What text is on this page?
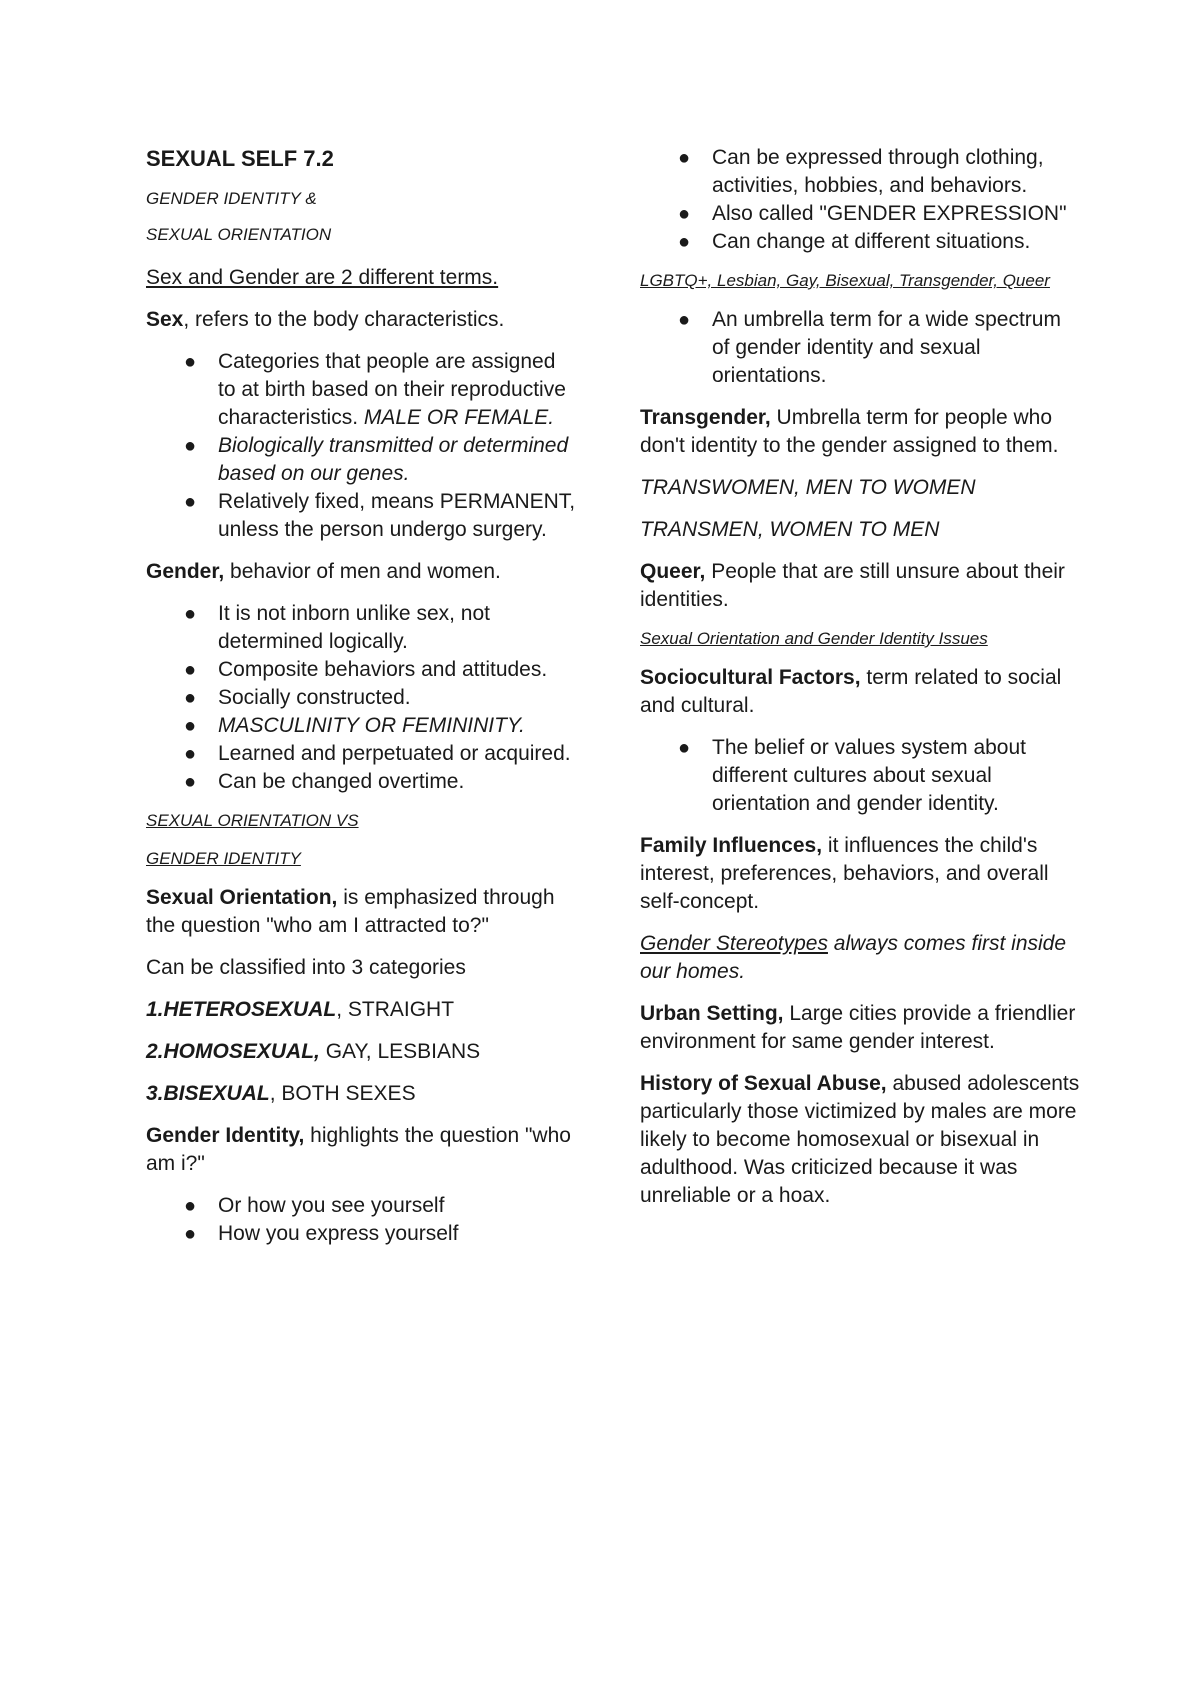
SEXUAL SELF 7.2

GENDER IDENTITY &

SEXUAL ORIENTATION

Sex and Gender are 2 different terms.

Sex, refers to the body characteristics.

● Categories that people are assigned to at birth based on their reproductive characteristics. MALE OR FEMALE.
● Biologically transmitted or determined based on our genes.
● Relatively fixed, means PERMANENT, unless the person undergo surgery.

Gender, behavior of men and women.

● It is not inborn unlike sex, not determined logically.
● Composite behaviors and attitudes.
● Socially constructed.
● MASCULINITY OR FEMININITY.
● Learned and perpetuated or acquired.
● Can be changed overtime.

SEXUAL ORIENTATION VS

GENDER IDENTITY

Sexual Orientation, is emphasized through the question "who am I attracted to?"

Can be classified into 3 categories

1.HETEROSEXUAL, STRAIGHT

2.HOMOSEXUAL, GAY, LESBIANS

3.BISEXUAL, BOTH SEXES

Gender Identity, highlights the question "who am i?"

● Or how you see yourself
● How you express yourself
● Can be expressed through clothing, activities, hobbies, and behaviors.
● Also called "GENDER EXPRESSION"
● Can change at different situations.

LGBTQ+, Lesbian, Gay, Bisexual, Transgender, Queer

● An umbrella term for a wide spectrum of gender identity and sexual orientations.

Transgender, Umbrella term for people who don't identity to the gender assigned to them.

TRANSWOMEN, MEN TO WOMEN

TRANSMEN, WOMEN TO MEN

Queer, People that are still unsure about their identities.

Sexual Orientation and Gender Identity Issues

Sociocultural Factors, term related to social and cultural.

● The belief or values system about different cultures about sexual orientation and gender identity.

Family Influences, it influences the child's interest, preferences, behaviors, and overall self-concept.

Gender Stereotypes always comes first inside our homes.

Urban Setting, Large cities provide a friendlier environment for same gender interest.

History of Sexual Abuse, abused adolescents particularly those victimized by males are more likely to become homosexual or bisexual in adulthood. Was criticized because it was unreliable or a hoax.
